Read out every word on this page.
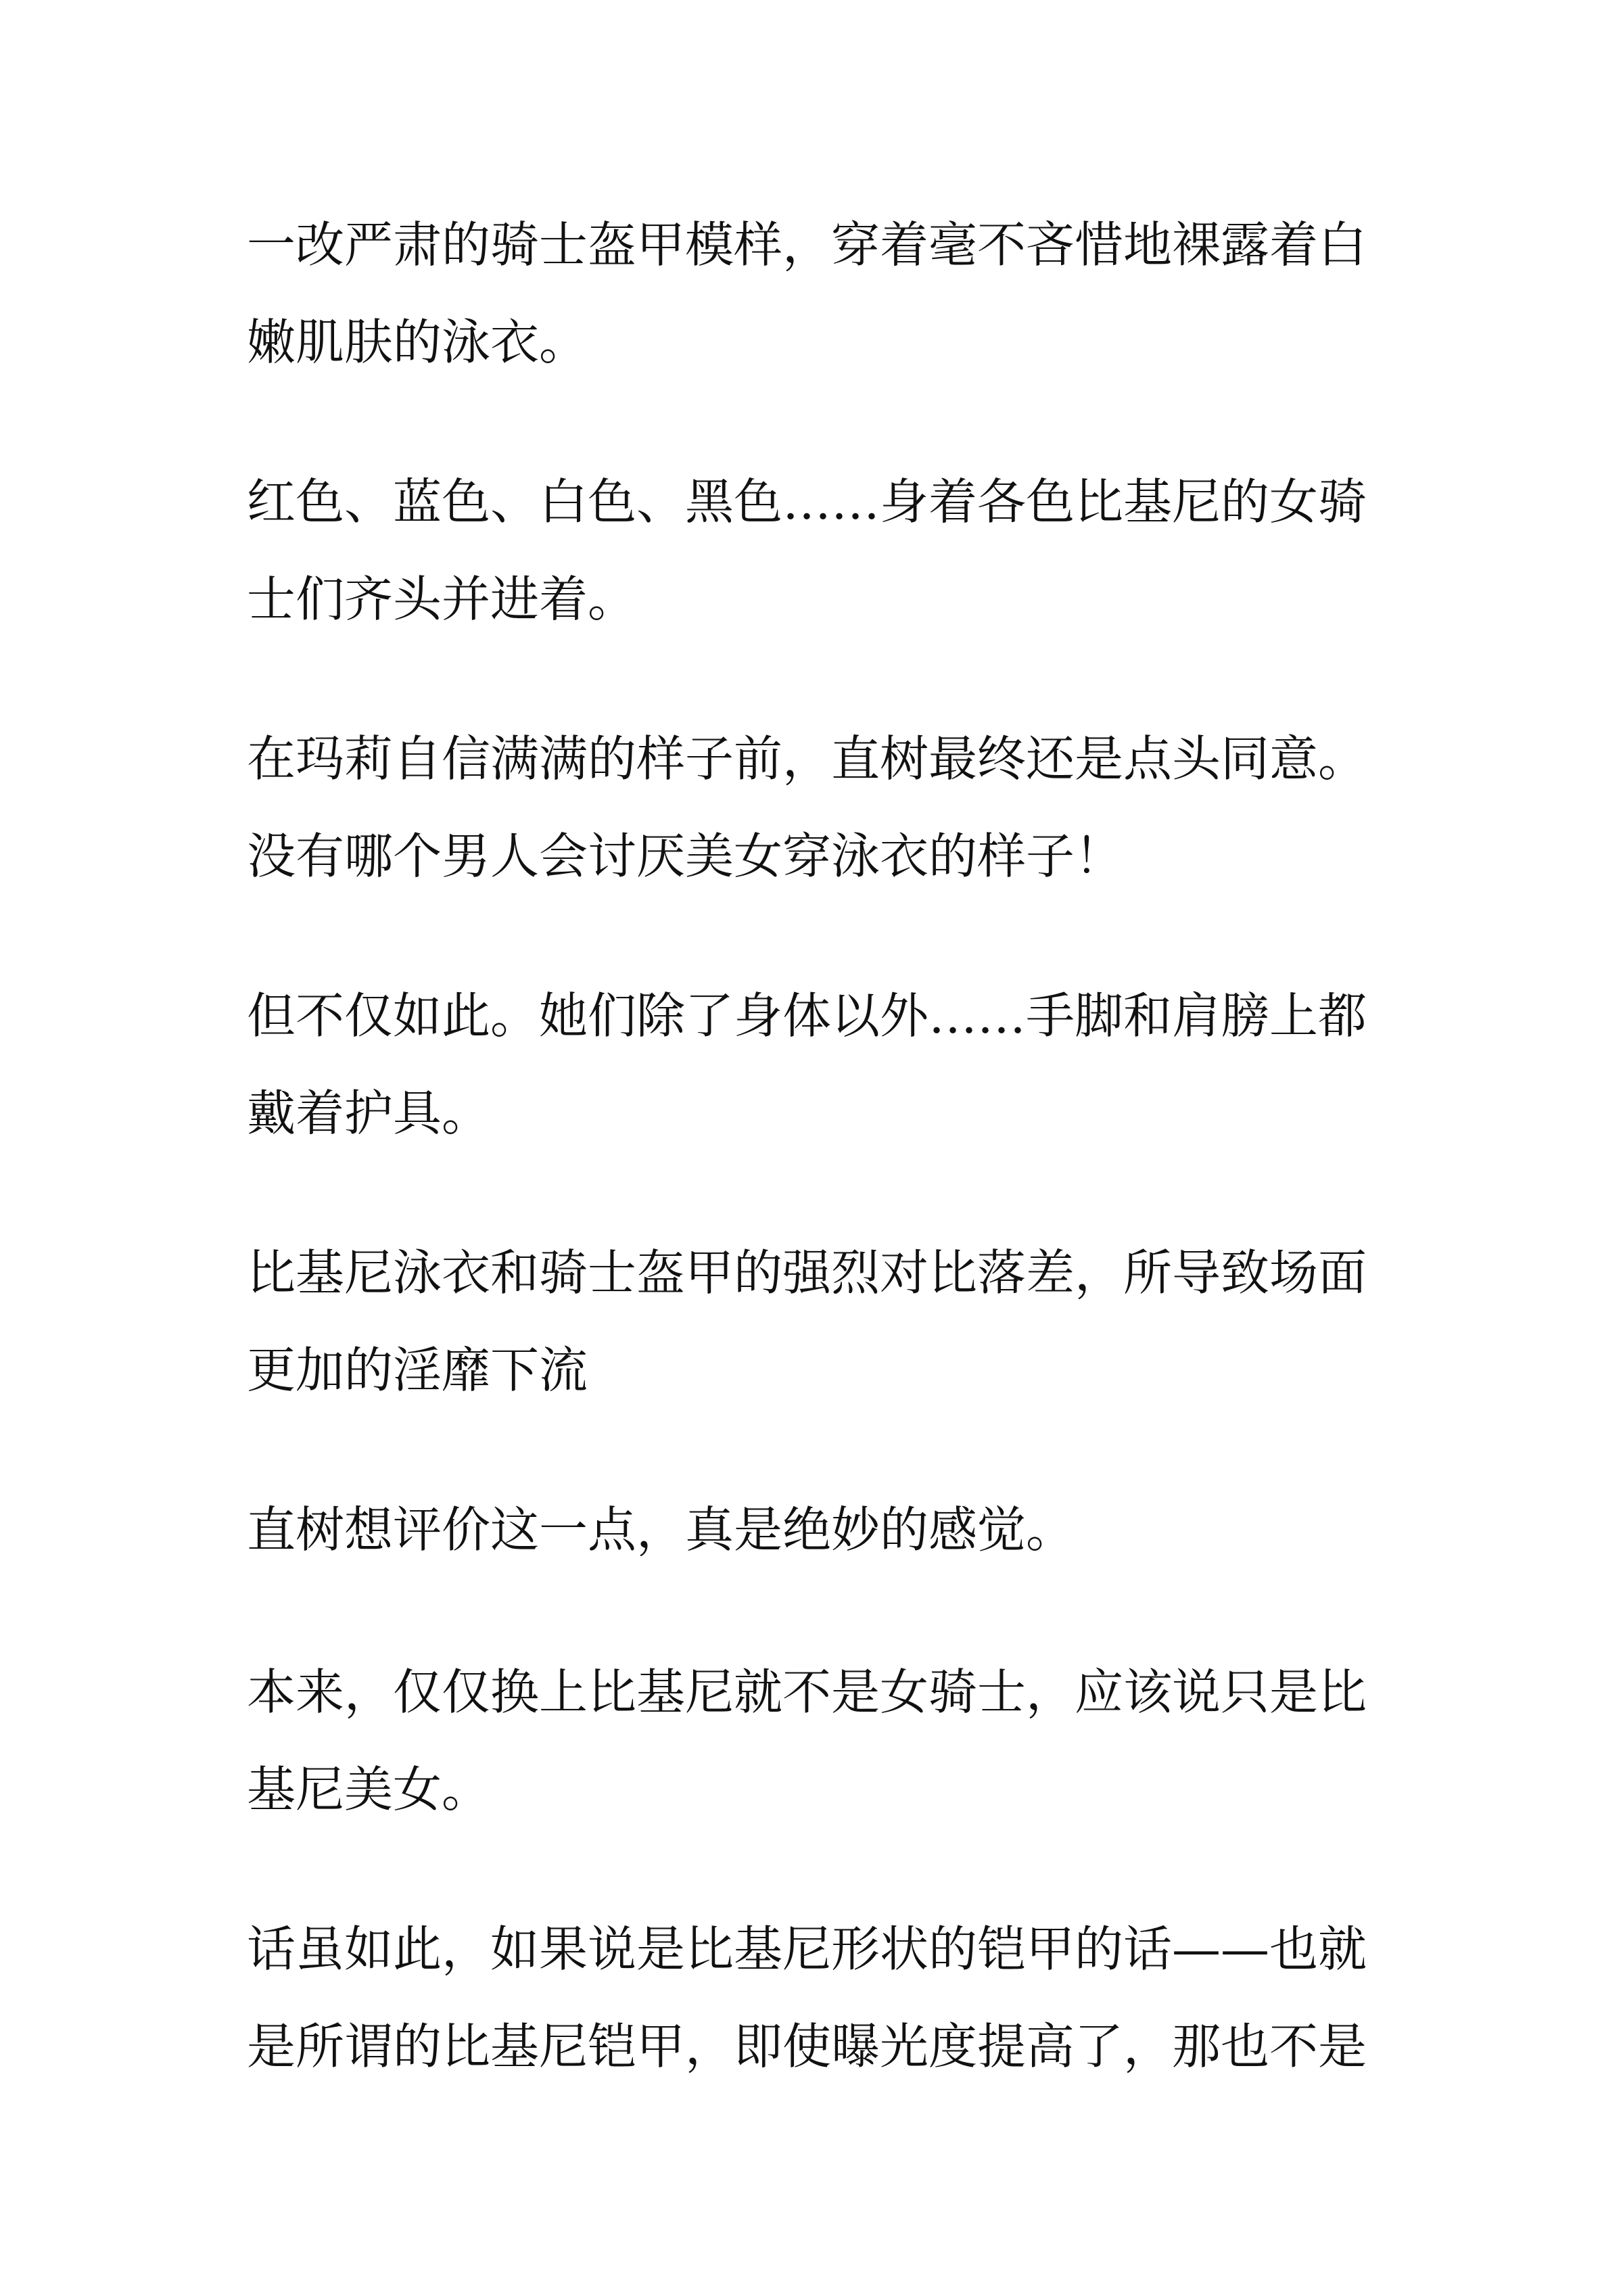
一改严肃的骑士盔甲模样，穿着毫不吝惜地裸露着白
嫩肌肤的泳衣。
红色、蓝色、白色、黑色……身着各色比基尼的女骑
士们齐头并进着。
在玛莉自信满满的样子前，直树最终还是点头同意。
没有哪个男人会讨厌美女穿泳衣的样子！
但不仅如此。她们除了身体以外……手脚和肩膀上都
戴着护具。
比基尼泳衣和骑士盔甲的强烈对比落差，所导致场面
更加的淫靡下流
直树想评价这一点，真是绝妙的感觉。
本来，仅仅换上比基尼就不是女骑士，应该说只是比
基尼美女。
话虽如此，如果说是比基尼形状的铠甲的话——也就
是所谓的比基尼铠甲，即使曝光度提高了，那也不是
